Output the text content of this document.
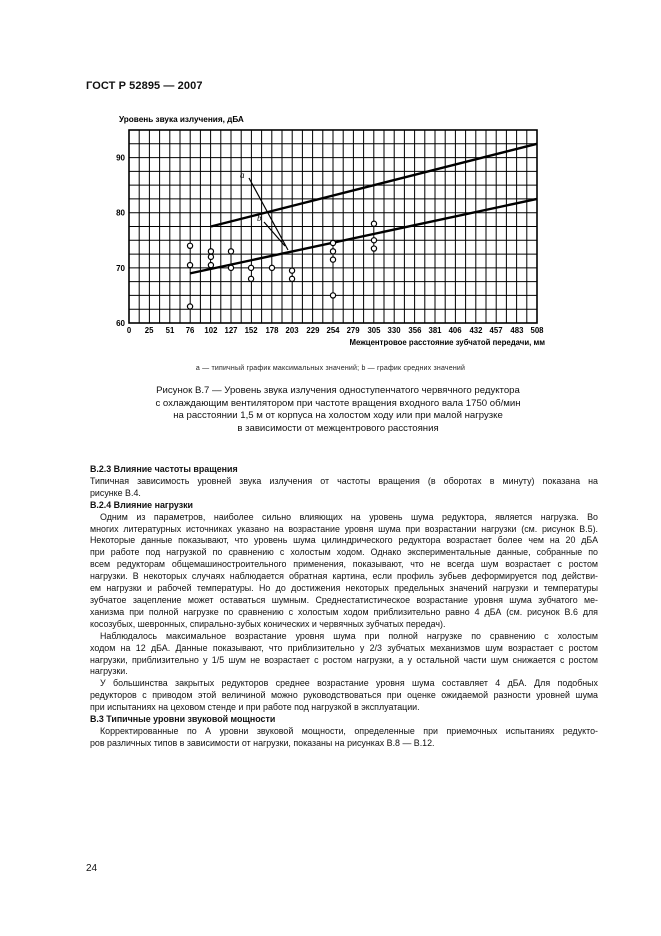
ГОСТ Р 52895 — 2007
Уровень звука излучения, дБА
Межцентровое расстояние зубчатой передачи, мм
0 25 51 76 102 127 152 178 203 229 254 279 305 330 356 381 406 432 457 483 508
60
70
80
90
a
b
а — типичный график максимальных значений; b — график средних значений
Рисунок В.7 — Уровень звука излучения одноступенчатого червячного редуктора
с охлаждающим вентилятором при частоте вращения входного вала 1750 об/мин
на расстоянии 1,5 м от корпуса на холостом ходу или при малой нагрузке
в зависимости от межцентрового расстояния
В.2.3 Влияние частоты вращения
Типичная зависимость уровней звука излучения от частоты вращения (в оборотах в минуту) показана на
рисунке В.4.
В.2.4 Влияние нагрузки
Одним из параметров, наиболее сильно влияющих на уровень шума редуктора, является нагрузка. Во
многих литературных источниках указано на возрастание уровня шума при возрастании нагрузки (см. рисунок В.5).
Некоторые данные показывают, что уровень шума цилиндрического редуктора возрастает более чем на 20 дБА
при работе под нагрузкой по сравнению с холостым ходом. Однако экспериментальные данные, собранные по
всем редукторам общемашиностроительного применения, показывают, что не всегда шум возрастает с ростом
нагрузки. В некоторых случаях наблюдается обратная картина, если профиль зубьев деформируется под действи-
ем нагрузки и рабочей температуры. Но до достижения некоторых предельных значений нагрузки и температуры
зубчатое зацепление может оставаться шумным. Среднестатистическое возрастание уровня шума зубчатого ме-
ханизма при полной нагрузке по сравнению с холостым ходом приблизительно равно 4 дБА (см. рисунок В.6 для
косозубых, шевронных, спирально-зубых конических и червячных зубчатых передач).
Наблюдалось максимальное возрастание уровня шума при полной нагрузке по сравнению с холостым
ходом на 12 дБА. Данные показывают, что приблизительно у 2/3 зубчатых механизмов шум возрастает с ростом
нагрузки, приблизительно у 1/5 шум не возрастает с ростом нагрузки, а у остальной части шум снижается с ростом
нагрузки.
У большинства закрытых редукторов среднее возрастание уровня шума составляет 4 дБА. Для подобных
редукторов с приводом этой величиной можно руководствоваться при оценке ожидаемой разности уровней шума
при испытаниях на цеховом стенде и при работе под нагрузкой в эксплуатации.
В.3 Типичные уровни звуковой мощности
Корректированные по А уровни звуковой мощности, определенные при приемочных испытаниях редукто-
ров различных типов в зависимости от нагрузки, показаны на рисунках В.8 — В.12.
24
